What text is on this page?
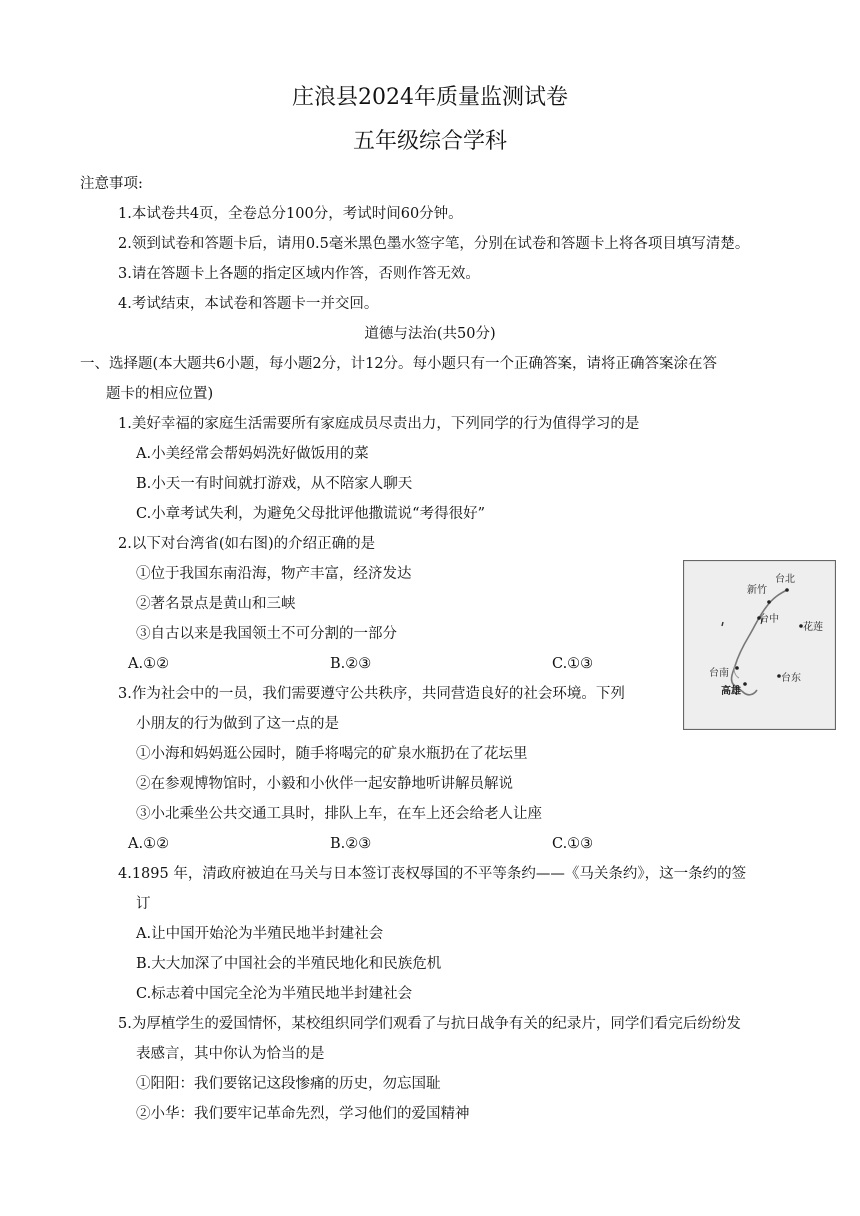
庄浪县2024年质量监测试卷
五年级综合学科
注意事项:
1.本试卷共4页，全卷总分100分，考试时间60分钟。
2.领到试卷和答题卡后，请用0.5毫米黑色墨水签字笔，分别在试卷和答题卡上将各项目填写清楚。
3.请在答题卡上各题的指定区域内作答，否则作答无效。
4.考试结束，本试卷和答题卡一并交回。
道德与法治(共50分)
一、选择题(本大题共6小题，每小题2分，计12分。每小题只有一个正确答案，请将正确答案涂在答
题卡的相应位置)
1.美好幸福的家庭生活需要所有家庭成员尽责出力，下列同学的行为值得学习的是
A.小美经常会帮妈妈洗好做饭用的菜
B.小天一有时间就打游戏，从不陪家人聊天
C.小章考试失利，为避免父母批评他撒谎说“考得很好”
2.以下对台湾省(如右图)的介绍正确的是
①位于我国东南沿海，物产丰富，经济发达
②著名景点是黄山和三峡
③自古以来是我国领土不可分割的一部分
A.①②	B.②③	C.①③
台北
新竹
台中
花莲
台南
高雄
台东
3.作为社会中的一员，我们需要遵守公共秩序，共同营造良好的社会环境。下列
小朋友的行为做到了这一点的是
①小海和妈妈逛公园时，随手将喝完的矿泉水瓶扔在了花坛里
②在参观博物馆时，小毅和小伙伴一起安静地听讲解员解说
③小北乘坐公共交通工具时，排队上车，在车上还会给老人让座
A.①②	B.②③	C.①③
4.1895 年，清政府被迫在马关与日本签订丧权辱国的不平等条约——《马关条约》，这一条约的签
订
A.让中国开始沦为半殖民地半封建社会
B.大大加深了中国社会的半殖民地化和民族危机
C.标志着中国完全沦为半殖民地半封建社会
5.为厚植学生的爱国情怀，某校组织同学们观看了与抗日战争有关的纪录片，同学们看完后纷纷发
表感言，其中你认为恰当的是
①阳阳：我们要铭记这段惨痛的历史，勿忘国耻
②小华：我们要牢记革命先烈，学习他们的爱国精神
